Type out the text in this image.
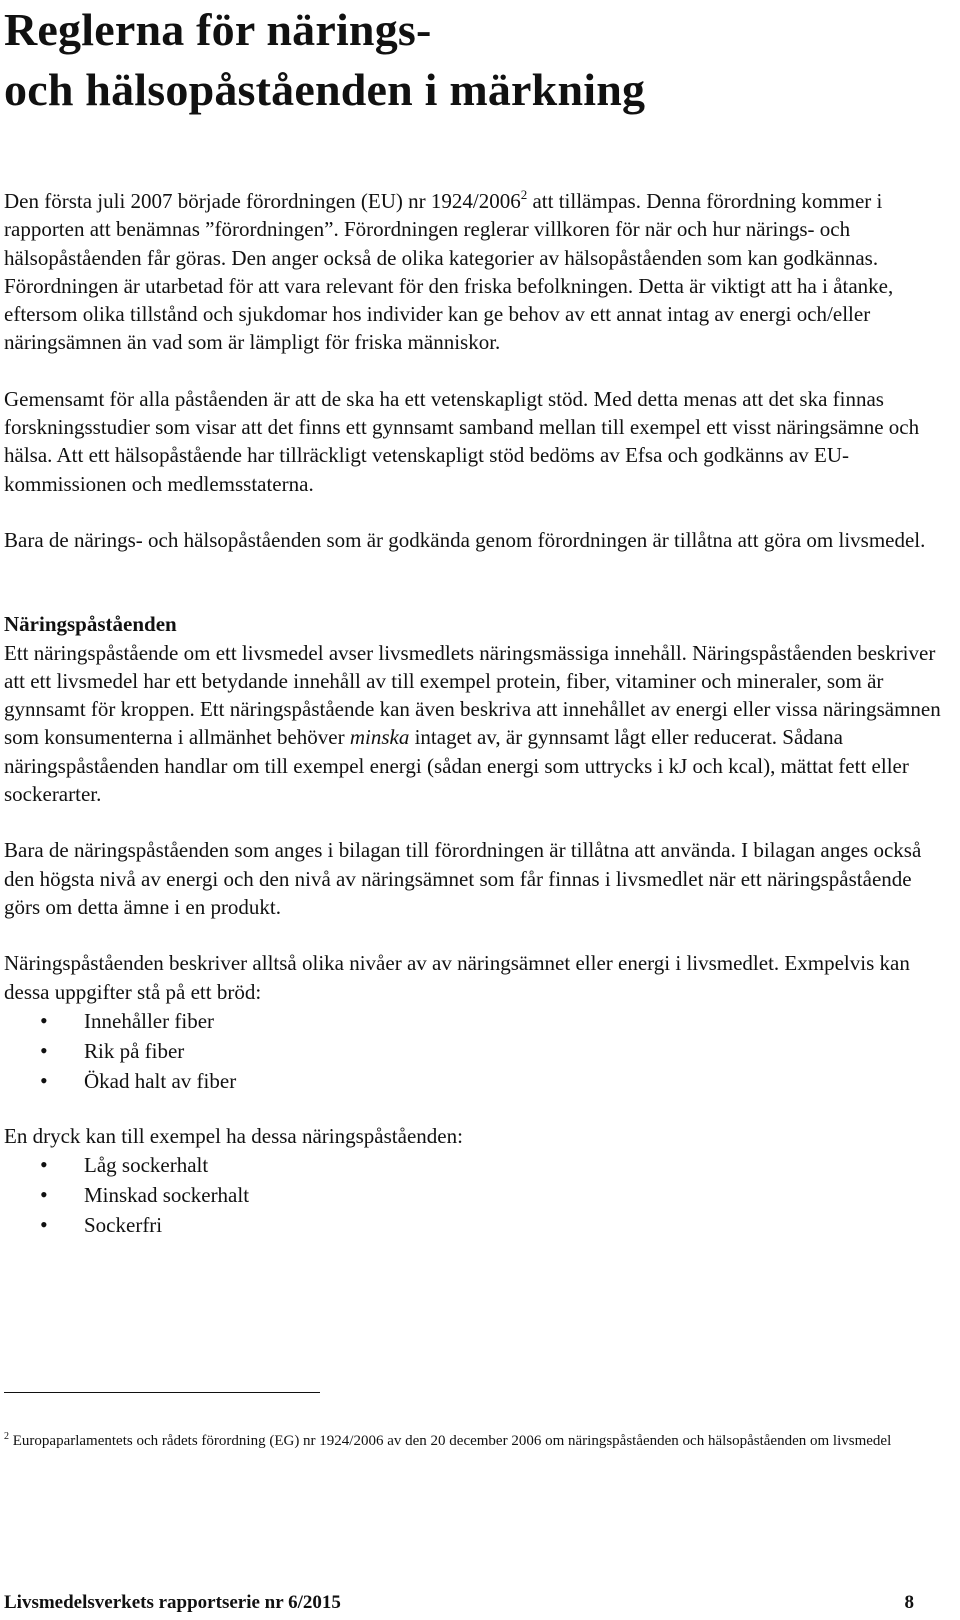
Reglerna för närings-
och hälsopåståenden i märkning

Den första juli 2007 började förordningen (EU) nr 1924/2006$^2$ att tillämpas. Denna förordning kommer i rapporten att benämnas ”förordningen”. Förordningen reglerar villkoren för när och hur närings- och hälsopåståenden får göras. Den anger också de olika kategorier av hälsopåståenden som kan godkännas. Förordningen är utarbetad för att vara relevant för den friska befolkningen. Detta är viktigt att ha i åtanke, eftersom olika tillstånd och sjukdomar hos individer kan ge behov av ett annat intag av energi och/eller näringsämnen än vad som är lämpligt för friska människor.

Gemensamt för alla påståenden är att de ska ha ett vetenskapligt stöd. Med detta menas att det ska finnas forskningsstudier som visar att det finns ett gynnsamt samband mellan till exempel ett visst näringsämne och hälsa. Att ett hälsopåstående har tillräckligt vetenskapligt stöd bedöms av Efsa och godkänns av EU-kommissionen och medlemsstaterna.

Bara de närings- och hälsopåståenden som är godkända genom förordningen är tillåtna att göra om livsmedel.

Näringspåståenden

Ett näringspåstående om ett livsmedel avser livsmedlets näringsmässiga innehåll. Näringspåståenden beskriver att ett livsmedel har ett betydande innehåll av till exempel protein, fiber, vitaminer och mineraler, som är gynnsamt för kroppen. Ett näringspåstående kan även beskriva att innehållet av energi eller vissa näringsämnen som konsumenterna i allmänhet behöver minska intaget av, är gynnsamt lågt eller reducerat. Sådana näringspåståenden handlar om till exempel energi (sådan energi som uttrycks i kJ och kcal), mättat fett eller sockerarter.

Bara de näringspåståenden som anges i bilagan till förordningen är tillåtna att använda. I bilagan anges också den högsta nivå av energi och den nivå av näringsämnet som får finnas i livsmedlet när ett näringspåstående görs om detta ämne i en produkt.

Näringspåståenden beskriver alltså olika nivåer av av näringsämnet eller energi i livsmedlet. Exmpelvis kan dessa uppgifter stå på ett bröd:

• Innehåller fiber
• Rik på fiber
• Ökad halt av fiber

En dryck kan till exempel ha dessa näringspåståenden:

• Låg sockerhalt
• Minskad sockerhalt
• Sockerfri
$^2$ Europaparlamentets och rådets förordning (EG) nr 1924/2006 av den 20 december 2006 om näringspåståenden och hälsopåståenden om livsmedel
Livsmedelsverkets rapportserie nr 6/2015	8
